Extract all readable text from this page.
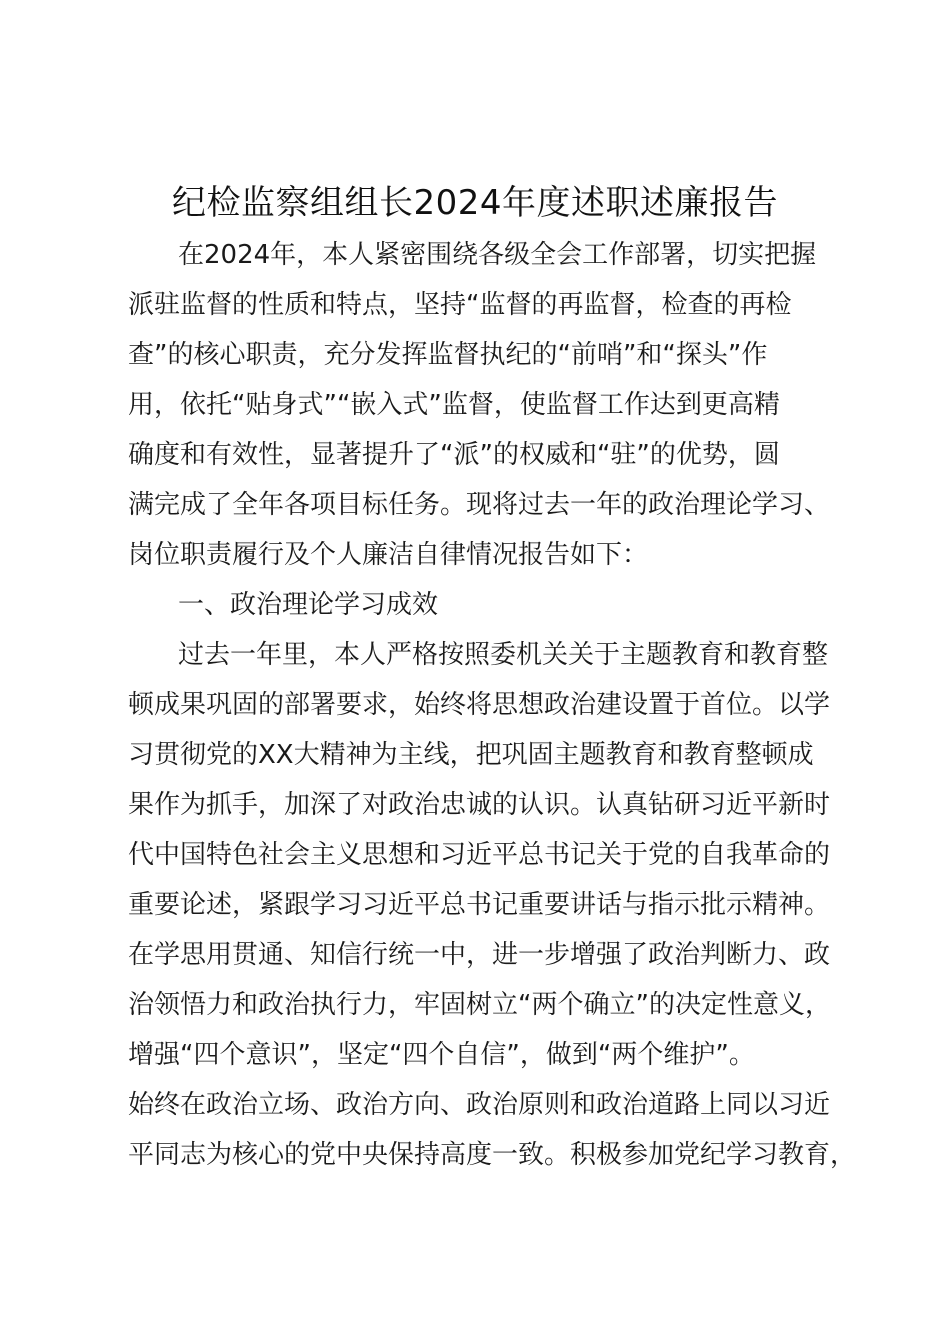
纪检监察组组长2024年度述职述廉报告
在2024年，本人紧密围绕各级全会工作部署，切实把握
派驻监督的性质和特点，坚持“监督的再监督，检查的再检
查”的核心职责，充分发挥监督执纪的“前哨”和“探头”作
用，依托“贴身式”“嵌入式”监督，使监督工作达到更高精
确度和有效性，显著提升了“派”的权威和“驻”的优势，圆
满完成了全年各项目标任务。现将过去一年的政治理论学习、
岗位职责履行及个人廉洁自律情况报告如下：
一、政治理论学习成效
过去一年里，本人严格按照委机关关于主题教育和教育整
顿成果巩固的部署要求，始终将思想政治建设置于首位。以学
习贯彻党的XX大精神为主线，把巩固主题教育和教育整顿成
果作为抓手，加深了对政治忠诚的认识。认真钻研习近平新时
代中国特色社会主义思想和习近平总书记关于党的自我革命的
重要论述，紧跟学习习近平总书记重要讲话与指示批示精神。
在学思用贯通、知信行统一中，进一步增强了政治判断力、政
治领悟力和政治执行力，牢固树立“两个确立”的决定性意义，
增强“四个意识”，坚定“四个自信”，做到“两个维护”。
始终在政治立场、政治方向、政治原则和政治道路上同以习近
平同志为核心的党中央保持高度一致。积极参加党纪学习教育，
